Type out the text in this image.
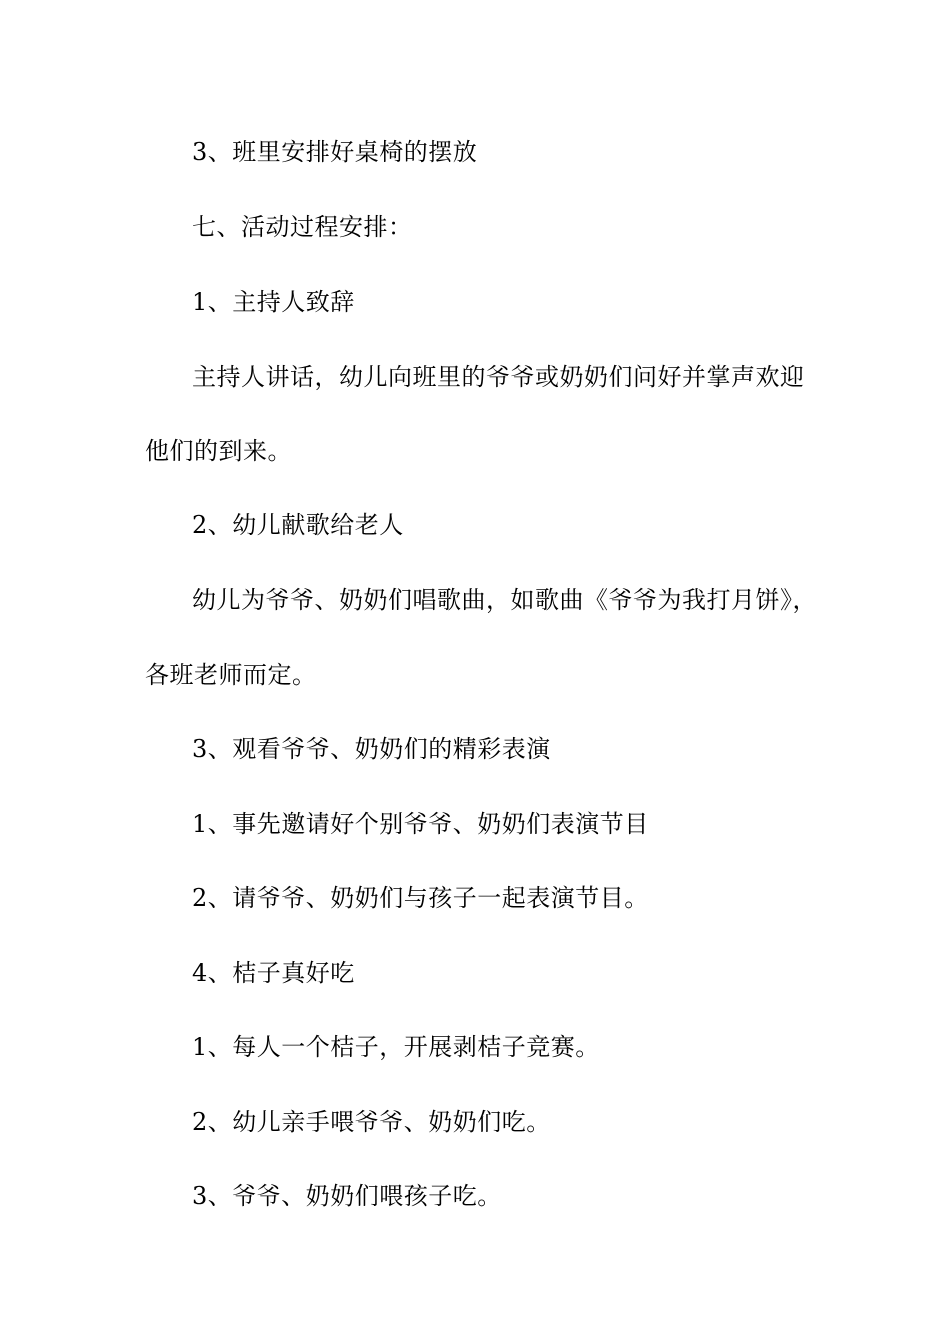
3、班里安排好桌椅的摆放
七、活动过程安排：
1、主持人致辞
主持人讲话，幼儿向班里的爷爷或奶奶们问好并掌声欢迎
他们的到来。
2、幼儿献歌给老人
幼儿为爷爷、奶奶们唱歌曲，如歌曲《爷爷为我打月饼》，
各班老师而定。
3、观看爷爷、奶奶们的精彩表演
1、事先邀请好个别爷爷、奶奶们表演节目
2、请爷爷、奶奶们与孩子一起表演节目。
4、桔子真好吃
1、每人一个桔子，开展剥桔子竞赛。
2、幼儿亲手喂爷爷、奶奶们吃。
3、爷爷、奶奶们喂孩子吃。
